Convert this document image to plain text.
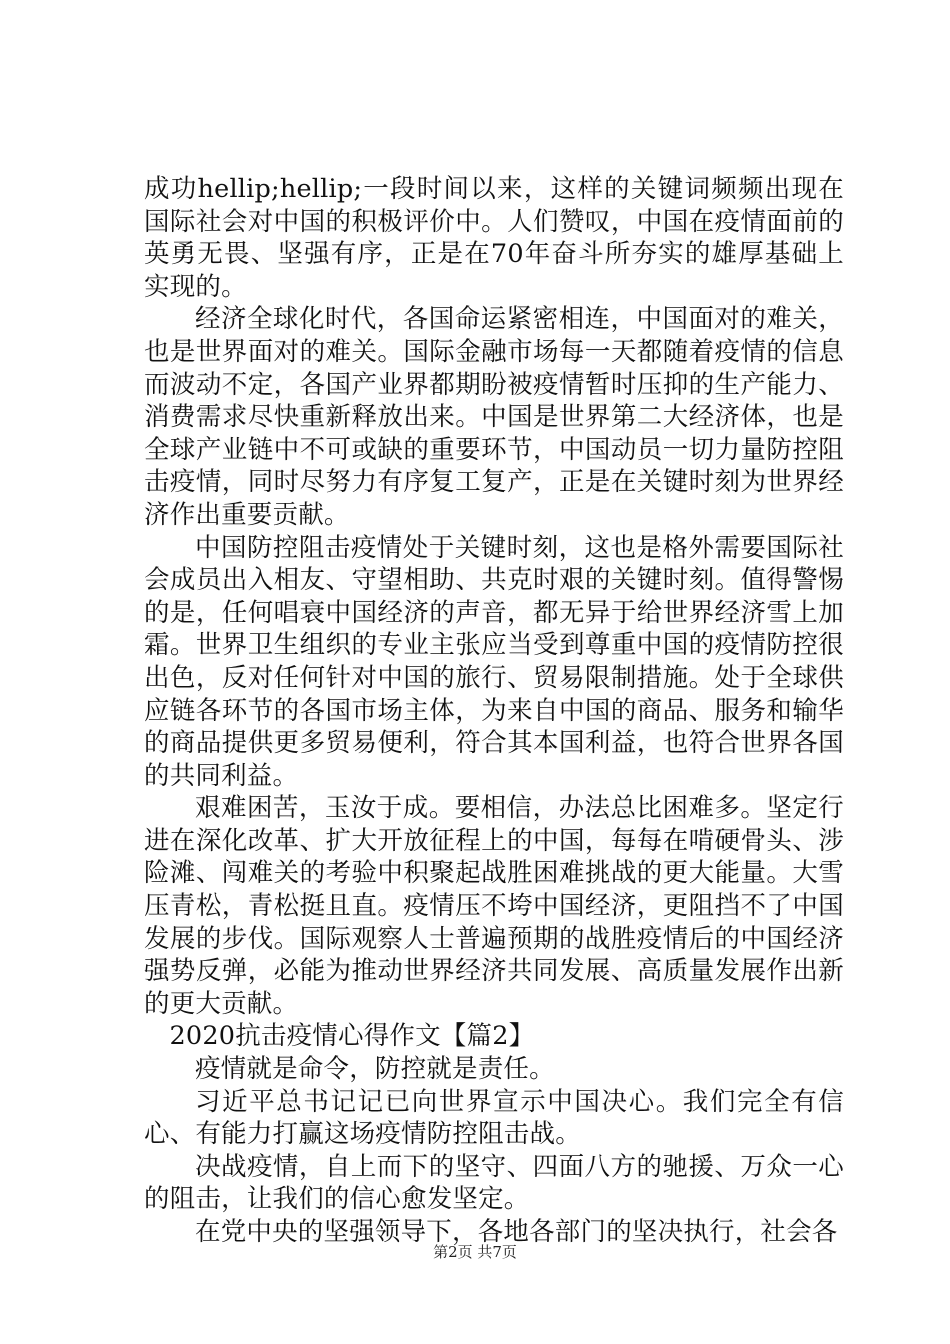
成功hellip;hellip;一段时间以来，这样的关键词频频出现在国际社会对中国的积极评价中。人们赞叹，中国在疫情面前的英勇无畏、坚强有序，正是在70年奋斗所夯实的雄厚基础上实现的。

经济全球化时代，各国命运紧密相连，中国面对的难关，也是世界面对的难关。国际金融市场每一天都随着疫情的信息而波动不定，各国产业界都期盼被疫情暂时压抑的生产能力、消费需求尽快重新释放出来。中国是世界第二大经济体，也是全球产业链中不可或缺的重要环节，中国动员一切力量防控阻击疫情，同时尽努力有序复工复产，正是在关键时刻为世界经济作出重要贡献。

中国防控阻击疫情处于关键时刻，这也是格外需要国际社会成员出入相友、守望相助、共克时艰的关键时刻。值得警惕的是，任何唱衰中国经济的声音，都无异于给世界经济雪上加霜。世界卫生组织的专业主张应当受到尊重中国的疫情防控很出色，反对任何针对中国的旅行、贸易限制措施。处于全球供应链各环节的各国市场主体，为来自中国的商品、服务和输华的商品提供更多贸易便利，符合其本国利益，也符合世界各国的共同利益。

艰难困苦，玉汝于成。要相信，办法总比困难多。坚定行进在深化改革、扩大开放征程上的中国，每每在啃硬骨头、涉险滩、闯难关的考验中积聚起战胜困难挑战的更大能量。大雪压青松，青松挺且直。疫情压不垮中国经济，更阻挡不了中国发展的步伐。国际观察人士普遍预期的战胜疫情后的中国经济强势反弹，必能为推动世界经济共同发展、高质量发展作出新的更大贡献。

2020抗击疫情心得作文【篇2】

疫情就是命令，防控就是责任。

习近平总书记记已向世界宣示中国决心。我们完全有信心、有能力打赢这场疫情防控阻击战。

决战疫情，自上而下的坚守、四面八方的驰援、万众一心的阻击，让我们的信心愈发坚定。

在党中央的坚强领导下，各地各部门的坚决执行，社会各

第2页 共7页
